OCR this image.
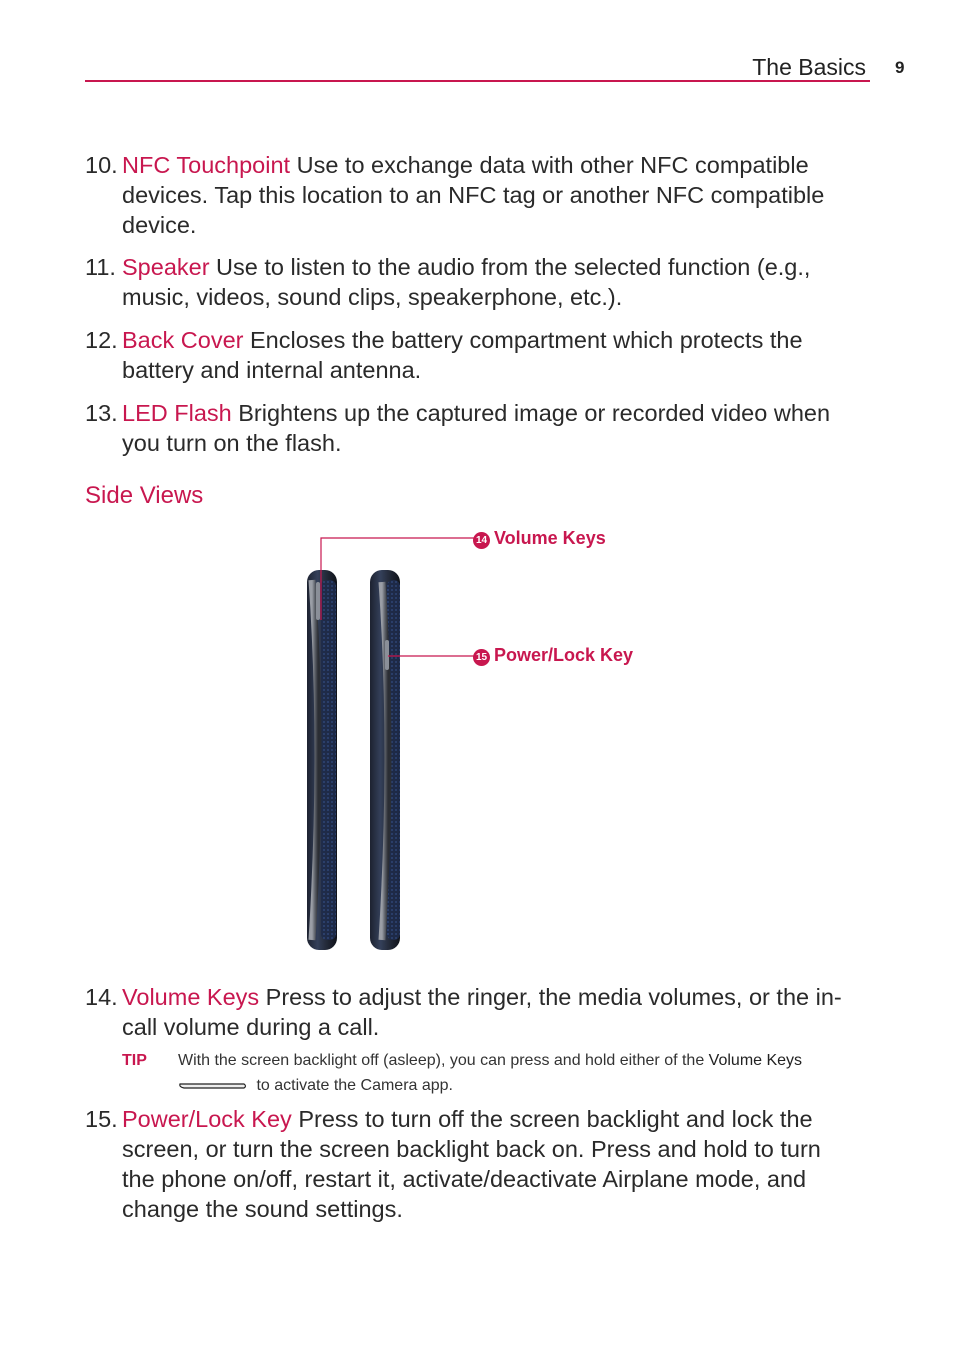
The Basics 9
10. NFC Touchpoint Use to exchange data with other NFC compatible devices. Tap this location to an NFC tag or another NFC compatible device.
11. Speaker Use to listen to the audio from the selected function (e.g., music, videos, sound clips, speakerphone, etc.).
12. Back Cover Encloses the battery compartment which protects the battery and internal antenna.
13. LED Flash Brightens up the captured image or recorded video when you turn on the flash.
Side Views
14 Volume Keys
15 Power/Lock Key
14. Volume Keys Press to adjust the ringer, the media volumes, or the in-call volume during a call.
TIP With the screen backlight off (asleep), you can press and hold either of the Volume Keys
to activate the Camera app.
15. Power/Lock Key Press to turn off the screen backlight and lock the screen, or turn the screen backlight back on. Press and hold to turn the phone on/off, restart it, activate/deactivate Airplane mode, and change the sound settings.
